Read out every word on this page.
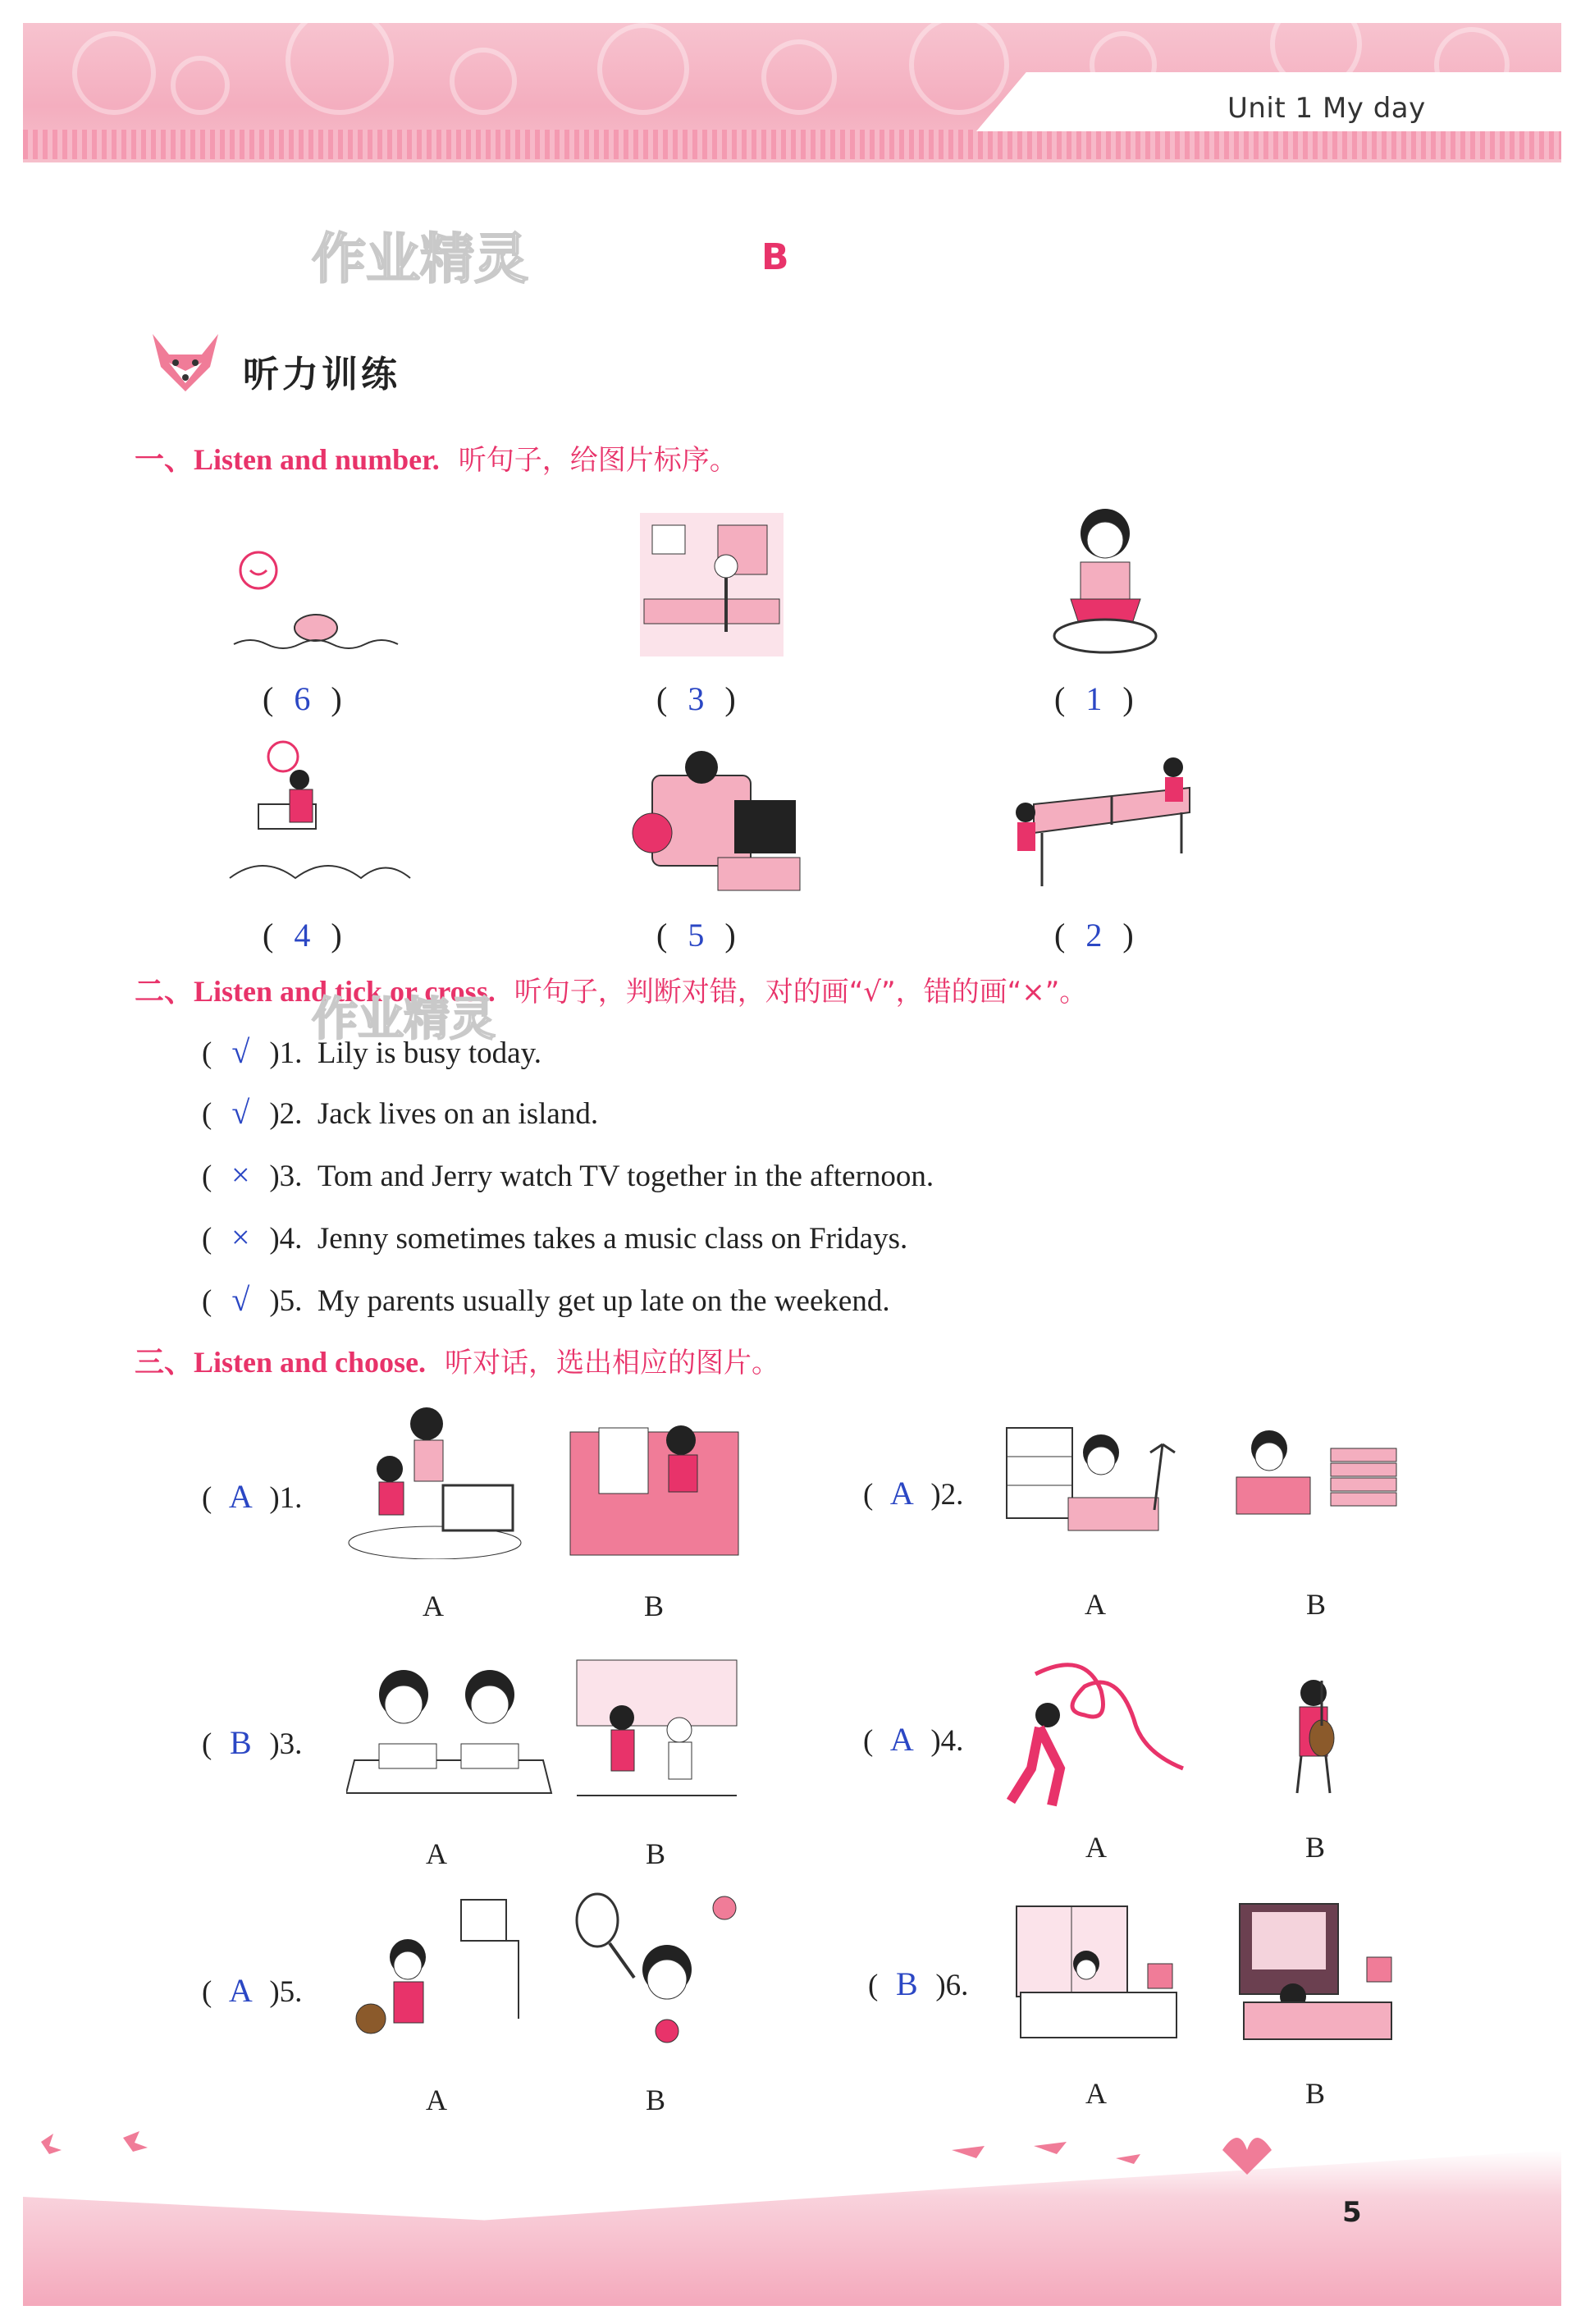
Unit 1 My day
作业精灵	B
听力训练
一、Listen and number. 听句子，给图片标序。
( 6 )	( 3 )	( 1 )
( 4 )	( 5 )	( 2 )
二、Listen and tick or cross. 听句子，判断对错，对的画“√”，错的画“×”。
作业精灵
( √ )1. Lily is busy today.
( √ )2. Jack lives on an island.
( × )3. Tom and Jerry watch TV together in the afternoon.
( × )4. Jenny sometimes takes a music class on Fridays.
( √ )5. My parents usually get up late on the weekend.
三、Listen and choose. 听对话，选出相应的图片。
( A )1.
A	B
( A )2.
A	B
( B )3.
A	B
( A )4.
A	B
( A )5.
A	B
( B )6.
A	B
5
